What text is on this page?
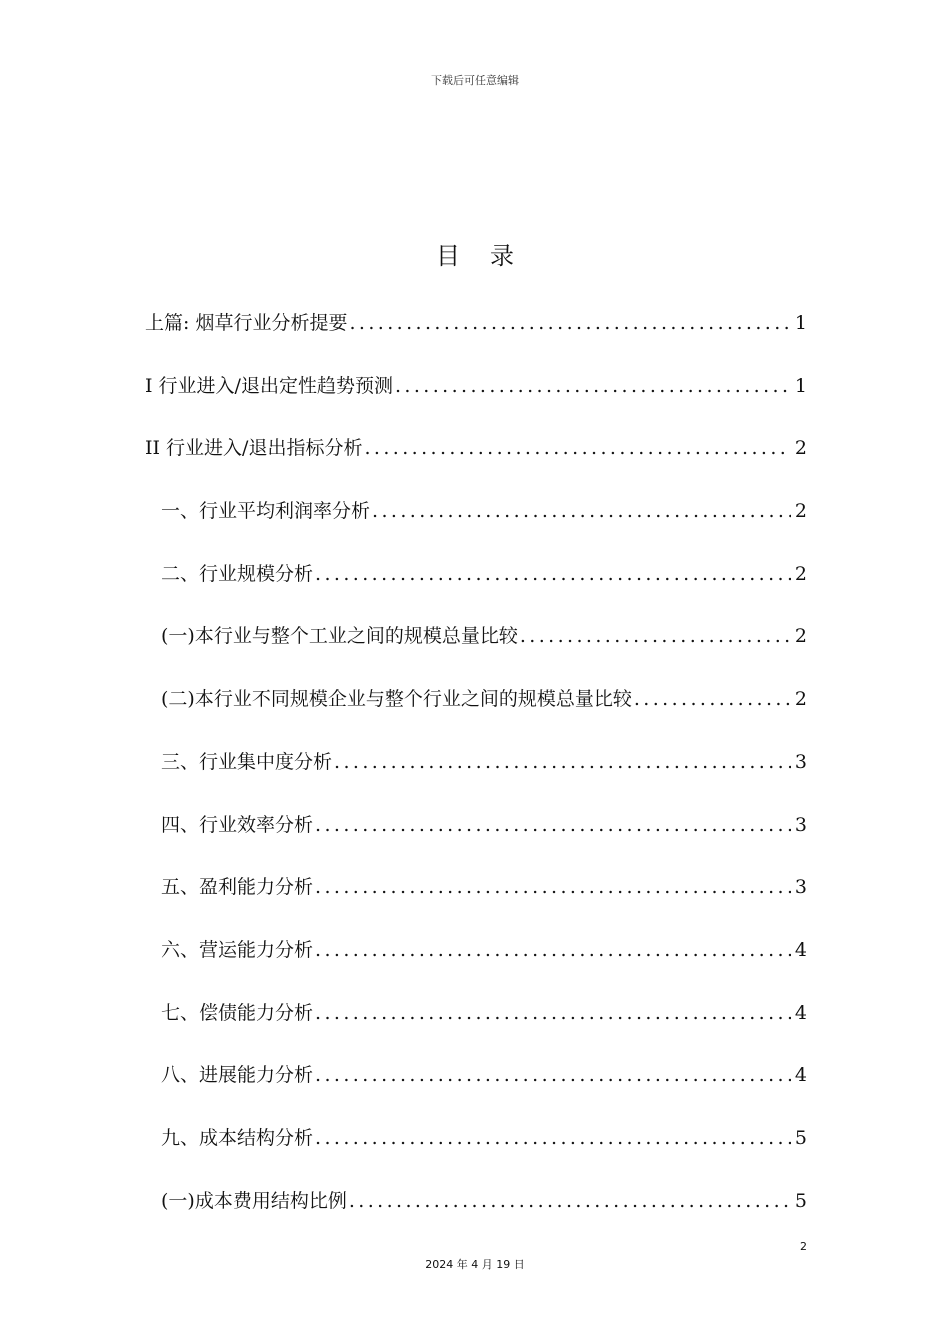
下载后可任意编辑
目录
上篇: 烟草行业分析提要 .....	1
I 行业进入/退出定性趋势预测 .....	1
II 行业进入/退出指标分析 .....	2
一、行业平均利润率分析 .....	2
二、行业规模分析 .....	2
(一)本行业与整个工业之间的规模总量比较 .....	2
(二)本行业不同规模企业与整个行业之间的规模总量比较 .....	2
三、行业集中度分析 .....	3
四、行业效率分析 .....	3
五、盈利能力分析 .....	3
六、营运能力分析 .....	4
七、偿债能力分析 .....	4
八、进展能力分析 .....	4
九、成本结构分析 .....	5
(一)成本费用结构比例 .....	5
2
2024 年 4 月 19 日
